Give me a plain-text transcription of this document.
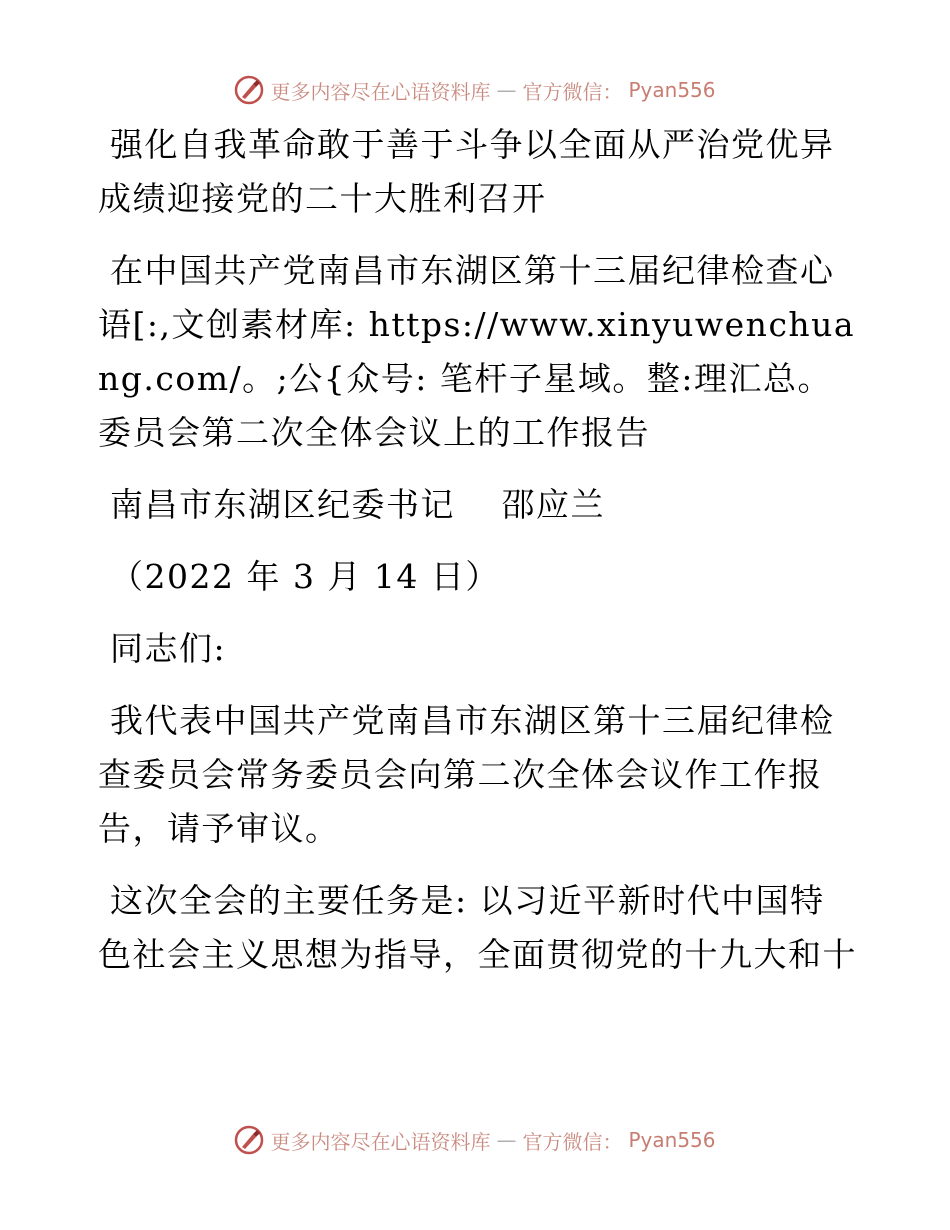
更多内容尽在心语资料库 — 官方微信： Pyan556

强化自我革命敢于善于斗争以全面从严治党优异成绩迎接党的二十大胜利召开

在中国共产党南昌市东湖区第十三届纪律检查心语[:,文创素材库: https://www.xinyuwenchuang.com/。;公{众号: 笔杆子星域。整:理汇总。委员会第二次全体会议上的工作报告

南昌市东湖区纪委书记　 邵应兰

（2022 年 3 月 14 日）

同志们:

我代表中国共产党南昌市东湖区第十三届纪律检查委员会常务委员会向第二次全体会议作工作报告，请予审议。

这次全会的主要任务是: 以习近平新时代中国特色社会主义思想为指导，全面贯彻党的十九大和十

更多内容尽在心语资料库 — 官方微信： Pyan556
